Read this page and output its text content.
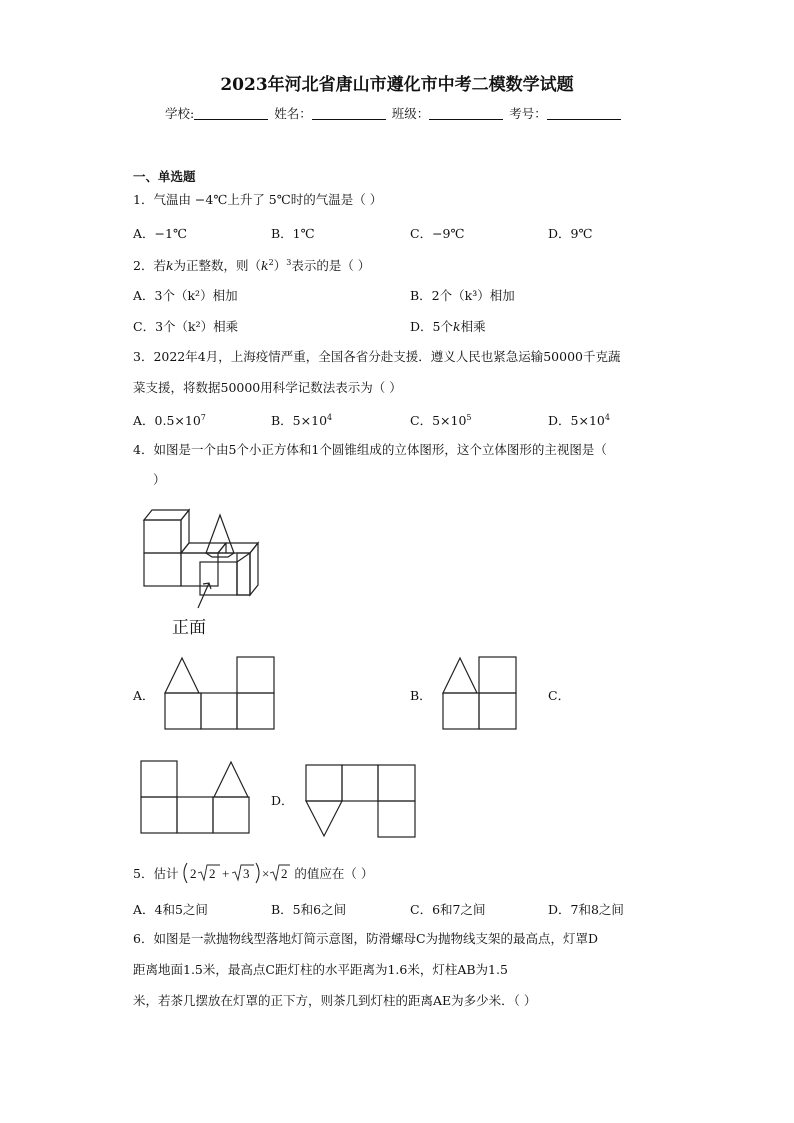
2023年河北省唐山市遵化市中考二模数学试题
学校:	姓名：	班级：	考号：
一、单选题
1．气温由 −4℃上升了 5℃时的气温是（ ）
A．−1℃	B．1℃	C．−9℃	D．9℃
2．若k为正整数，则$(k^2)^3$表示的是（ ）
A．3个（k²）相加	B．2个（k³）相加
C．3个（k²）相乘	D．5个k相乘
3．2022年4月，上海疫情严重，全国各省分赴支援．遵义人民也紧急运输50000千克蔬
菜支援，将数据50000用科学记数法表示为（ ）
A．$0.5\times 10^7$	B．$5\times 10^4$	C．$5\times 10^5$	D．$5\times 10^4$
4．如图是一个由5个小正方体和1个圆锥组成的立体图形，这个立体图形的主视图是（
）
正面
A．	B．	C．
D．
5．估计 2 2 + 3 × 2 的值应在（ ）
A．4和5之间	B．5和6之间	C．6和7之间	D．7和8之间
6．如图是一款抛物线型落地灯简示意图，防滑螺母C为抛物线支架的最高点，灯罩D
距离地面1.5米，最高点C距灯柱的水平距离为1.6米，灯柱AB为1.5
米，若茶几摆放在灯罩的正下方，则茶几到灯柱的距离AE为多少米．（ ）
